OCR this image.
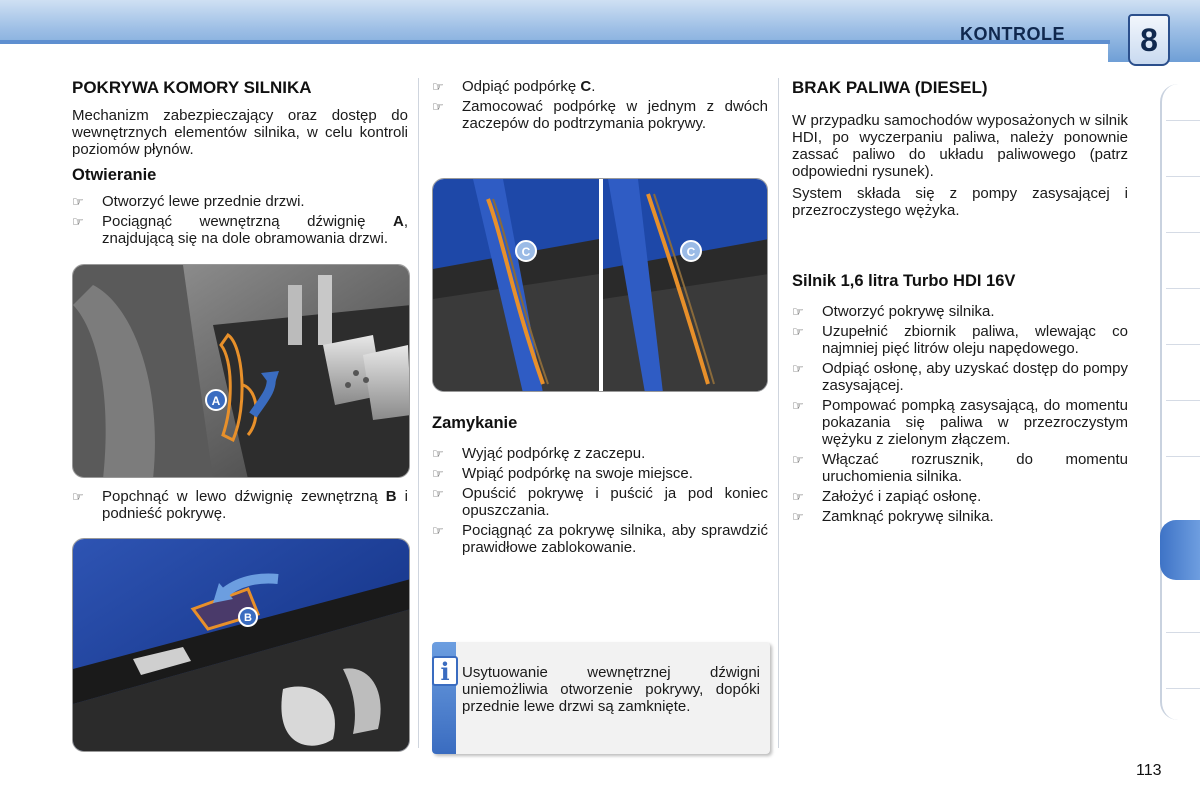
KONTROLE	8
POKRYWA KOMORY SILNIKA

Mechanizm zabezpieczający oraz dostęp do wewnętrznych elementów silnika, w celu kontroli poziomów płynów.

Otwieranie
☞ Otworzyć lewe przednie drzwi.
☞ Pociągnąć wewnętrzną dźwignię A, znajdującą się na dole obramowania drzwi.
A
☞ Popchnąć w lewo dźwignię zewnętrzną B i podnieść pokrywę.
B
☞ Odpiąć podpórkę C.
☞ Zamocować podpórkę w jednym z dwóch zaczepów do podtrzymania pokrywy.
C	C
Zamykanie
☞ Wyjąć podpórkę z zaczepu.
☞ Wpiąć podpórkę na swoje miejsce.
☞ Opuścić pokrywę i puścić ja pod koniec opuszczania.
☞ Pociągnąć za pokrywę silnika, aby sprawdzić prawidłowe zablokowanie.
i Usytuowanie wewnętrznej dźwigni uniemożliwia otworzenie pokrywy, dopóki przednie lewe drzwi są zamknięte.

BRAK PALIWA (DIESEL)

W przypadku samochodów wyposażonych w silnik HDI, po wyczerpaniu paliwa, należy ponownie zassać paliwo do układu paliwowego (patrz odpowiedni rysunek).

System składa się z pompy zasysającej i przezroczystego wężyka.

Silnik 1,6 litra Turbo HDI 16V
☞ Otworzyć pokrywę silnika.
☞ Uzupełnić zbiornik paliwa, wlewając co najmniej pięć litrów oleju napędowego.
☞ Odpiąć osłonę, aby uzyskać dostęp do pompy zasysającej.
☞ Pompować pompką zasysającą, do momentu pokazania się paliwa w przezroczystym wężyku z zielonym złączem.
☞ Włączać rozrusznik, do momentu uruchomienia silnika.
☞ Założyć i zapiąć osłonę.
☞ Zamknąć pokrywę silnika.
113
